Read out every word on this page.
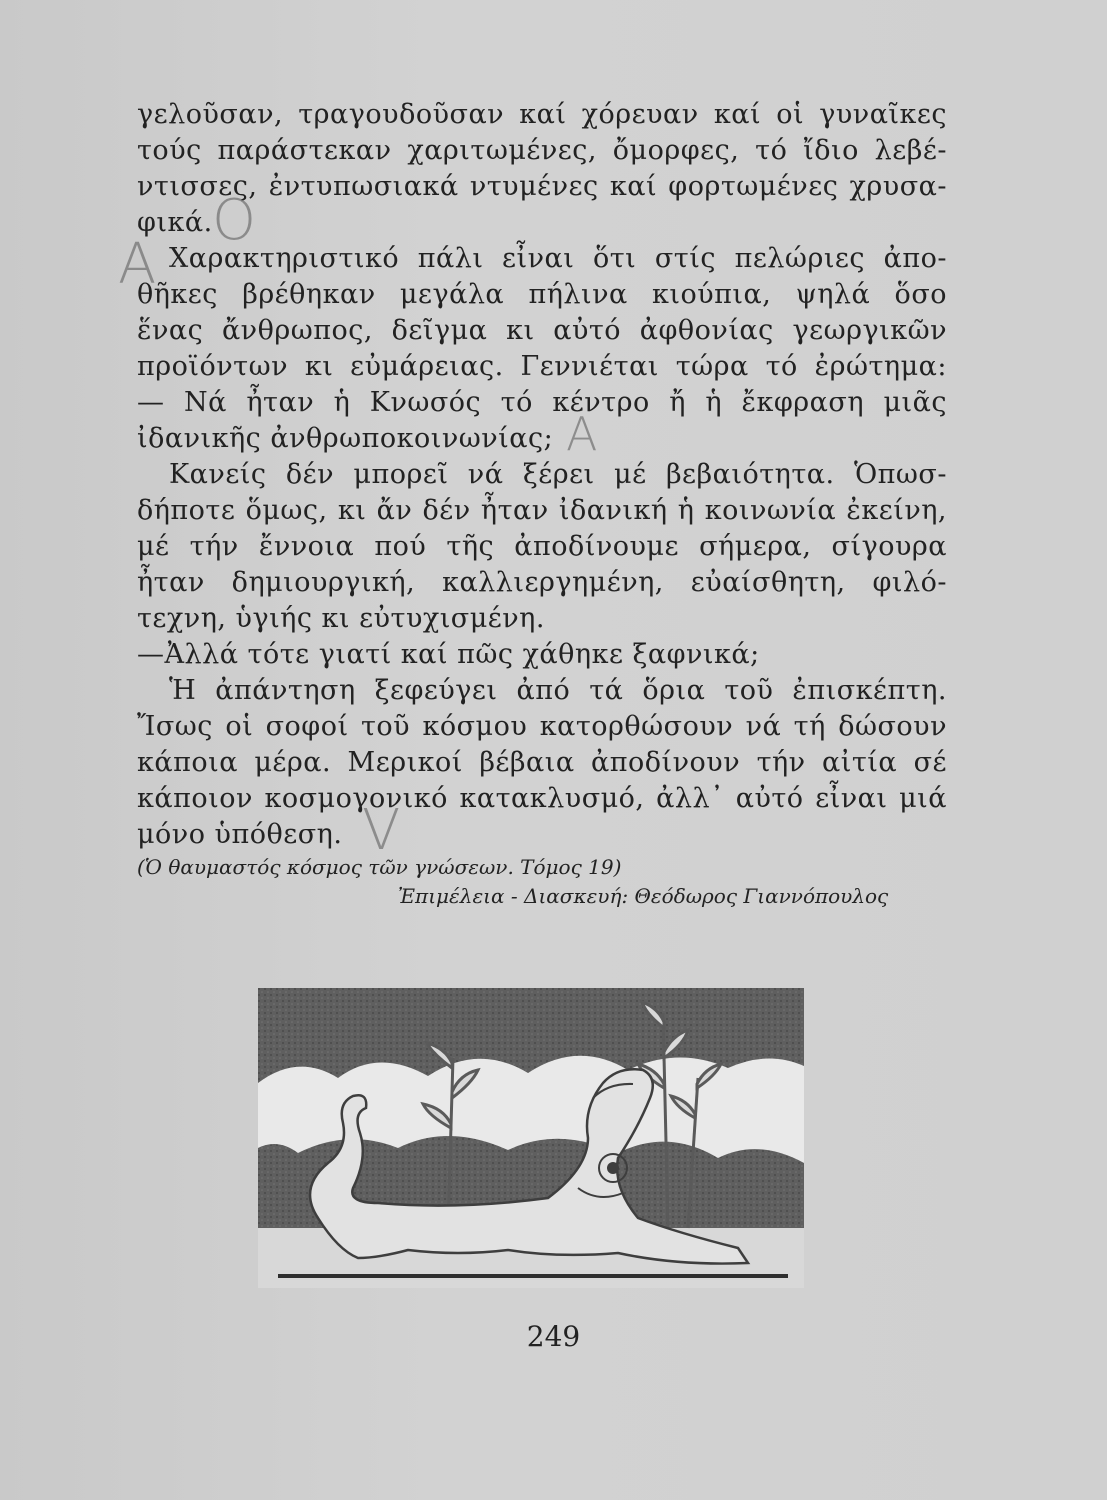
γελοῦσαν, τραγουδοῦσαν καί χόρευαν καί οἱ γυναῖκες
τούς παράστεκαν χαριτωμένες, ὄμορφες, τό ἴδιο λεβέ-
ντισσες, ἐντυπωσιακά ντυμένες καί φορτωμένες χρυσα-
φικά.
Χαρακτηριστικό πάλι εἶναι ὅτι στίς πελώριες ἀπο-
θῆκες βρέθηκαν μεγάλα πήλινα κιούπια, ψηλά ὅσο
ἕνας ἄνθρωπος, δεῖγμα κι αὐτό ἀφθονίας γεωργικῶν
προϊόντων κι εὐμάρειας. Γεννιέται τώρα τό ἐρώτημα:
— Νά ἦταν ἡ Κνωσός τό κέντρο ἤ ἡ ἔκφραση μιᾶς
ἰδανικῆς ἀνθρωποκοινωνίας;
Κανείς δέν μπορεῖ νά ξέρει μέ βεβαιότητα. Ὁπωσ-
δήποτε ὅμως, κι ἄν δέν ἦταν ἰδανική ἡ κοινωνία ἐκείνη,
μέ τήν ἔννοια πού τῆς ἀποδίνουμε σήμερα, σίγουρα
ἦταν δημιουργική, καλλιεργημένη, εὐαίσθητη, φιλό-
τεχνη, ὑγιής κι εὐτυχισμένη.
—Ἀλλά τότε γιατί καί πῶς χάθηκε ξαφνικά;
Ἡ ἀπάντηση ξεφεύγει ἀπό τά ὅρια τοῦ ἐπισκέπτη.
Ἴσως οἱ σοφοί τοῦ κόσμου κατορθώσουν νά τή δώσουν
κάποια μέρα. Μερικοί βέβαια ἀποδίνουν τήν αἰτία σέ
κάποιον κοσμογονικό κατακλυσμό, ἀλλ᾽ αὐτό εἶναι μιά
μόνο ὑπόθεση.
Ο
A
A
V
(Ὁ θαυμαστός κόσμος τῶν γνώσεων. Τόμος 19)
Ἐπιμέλεια - Διασκευή: Θεόδωρος Γιαννόπουλος
249
